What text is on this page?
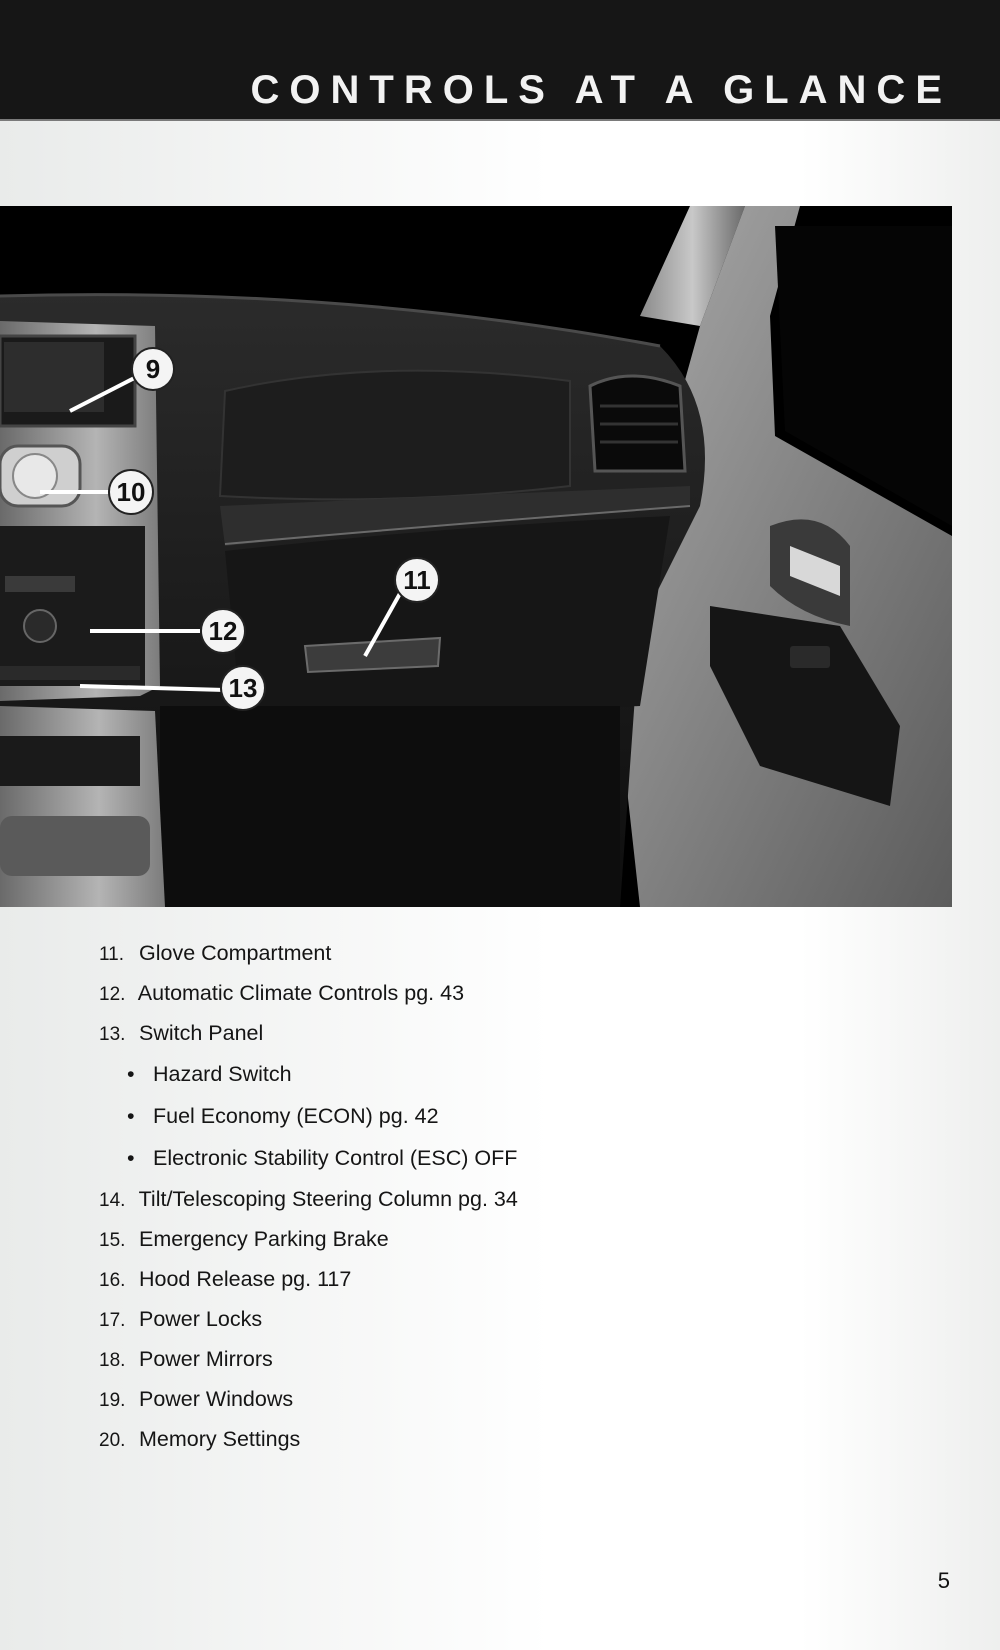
CONTROLS AT A GLANCE
9
10
11
12
13
11. Glove Compartment
12. Automatic Climate Controls pg. 43
13. Switch Panel
• Hazard Switch
• Fuel Economy (ECON) pg. 42
• Electronic Stability Control (ESC) OFF
14. Tilt/Telescoping Steering Column pg. 34
15. Emergency Parking Brake
16. Hood Release pg. 117
17. Power Locks
18. Power Mirrors
19. Power Windows
20. Memory Settings
5
